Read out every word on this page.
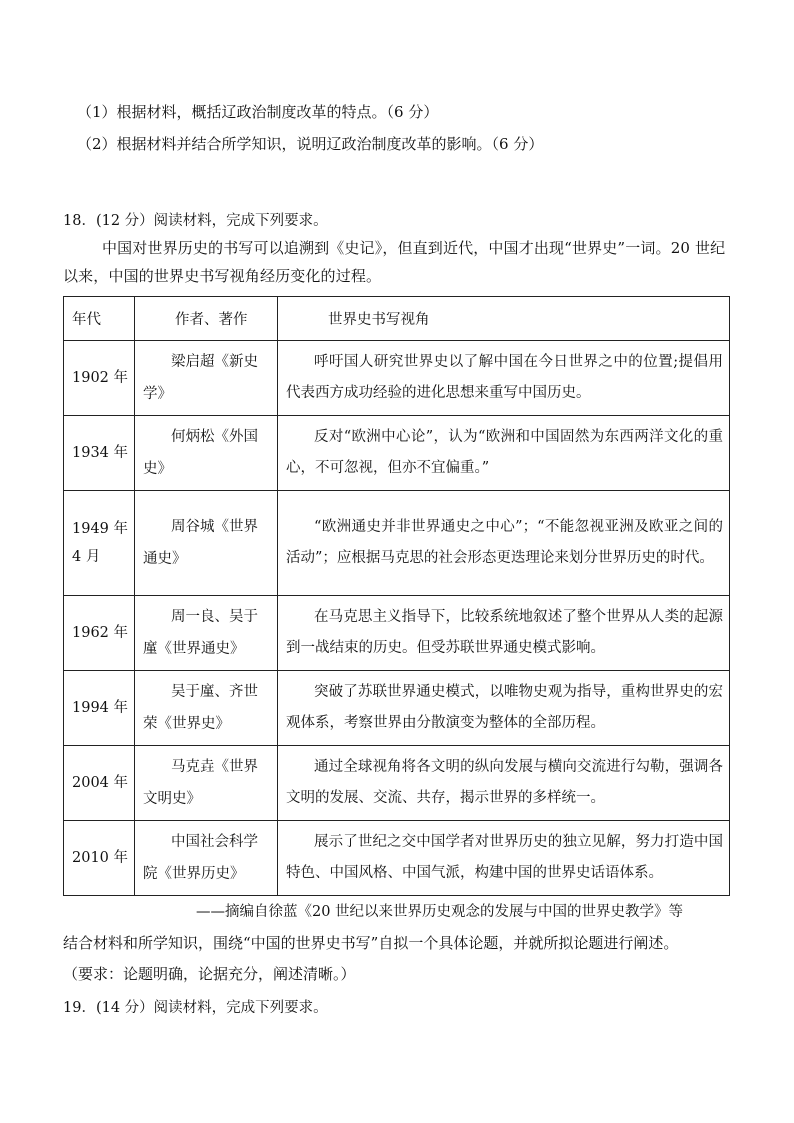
（1）根据材料，概括辽政治制度改革的特点。（6 分）
（2）根据材料并结合所学知识，说明辽政治制度改革的影响。（6 分）
18．(12 分）阅读材料，完成下列要求。
中国对世界历史的书写可以追溯到《史记》，但直到近代，中国才出现“世界史”一词。20 世纪以来，中国的世界史书写视角经历变化的过程。
年代	作者、著作	世界史书写视角
1902 年	梁启超《新史学》	呼吁国人研究世界史以了解中国在今日世界之中的位置;提倡用代表西方成功经验的进化思想来重写中国历史。
1934 年	何炳松《外国史》	反对“欧洲中心论”，认为“欧洲和中国固然为东西两洋文化的重心，不可忽视，但亦不宜偏重。”
1949 年 4 月	周谷城《世界通史》	“欧洲通史并非世界通史之中心”；“不能忽视亚洲及欧亚之间的活动”；应根据马克思的社会形态更迭理论来划分世界历史的时代。
1962 年	周一良、吴于廑《世界通史》	在马克思主义指导下，比较系统地叙述了整个世界从人类的起源到一战结束的历史。但受苏联世界通史模式影响。
1994 年	吴于廑、齐世荣《世界史》	突破了苏联世界通史模式，以唯物史观为指导，重构世界史的宏观体系，考察世界由分散演变为整体的全部历程。
2004 年	马克垚《世界文明史》	通过全球视角将各文明的纵向发展与横向交流进行勾勒，强调各文明的发展、交流、共存，揭示世界的多样统一。
2010 年	中国社会科学院《世界历史》	展示了世纪之交中国学者对世界历史的独立见解，努力打造中国特色、中国风格、中国气派，构建中国的世界史话语体系。
——摘编自徐蓝《20 世纪以来世界历史观念的发展与中国的世界史教学》等
结合材料和所学知识，围绕“中国的世界史书写”自拟一个具体论题，并就所拟论题进行阐述。
（要求：论题明确，论据充分，阐述清晰。）
19．(14 分）阅读材料，完成下列要求。
